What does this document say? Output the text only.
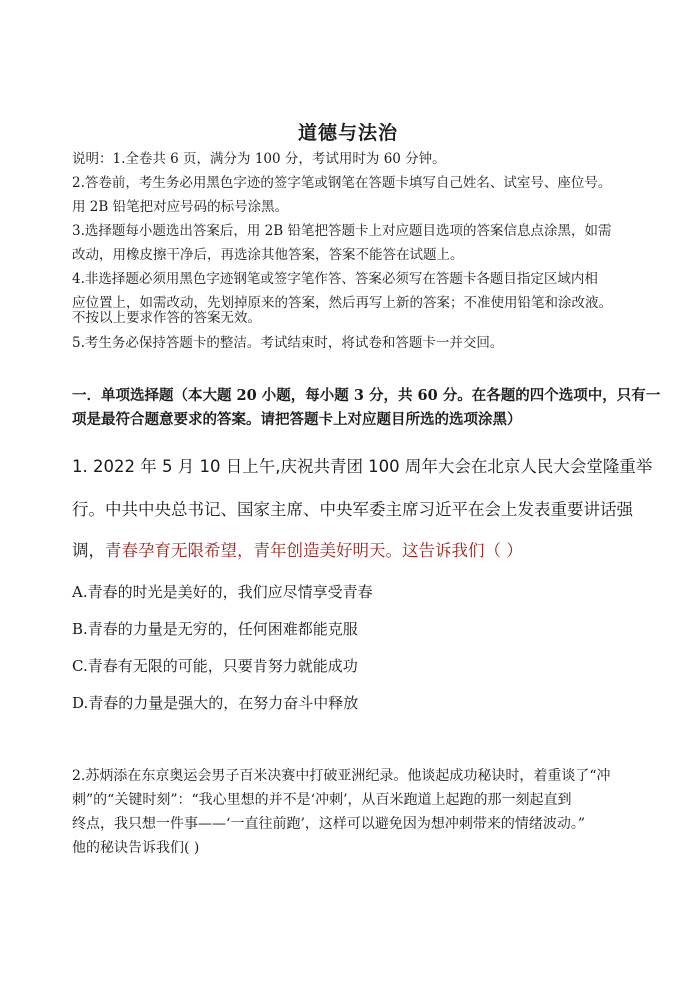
道德与法治
说明：1.全卷共 6 页，满分为 100 分，考试用时为 60 分钟。
2.答卷前，考生务必用黑色字迹的签字笔或钢笔在答题卡填写自己姓名、试室号、座位号。
用 2B 铅笔把对应号码的标号涂黑。
3.选择题每小题选出答案后，用 2B 铅笔把答题卡上对应题目选项的答案信息点涂黑，如需
改动，用橡皮擦干净后，再选涂其他答案，答案不能答在试题上。
4.非选择题必须用黑色字迹钢笔或签字笔作答、答案必须写在答题卡各题目指定区域内相
应位置上，如需改动，先划掉原来的答案，然后再写上新的答案；不准使用铅笔和涂改液。
不按以上要求作答的答案无效。
5.考生务必保持答题卡的整洁。考试结束时，将试卷和答题卡一并交回。
一．单项选择题（本大题 20 小题，每小题 3 分，共 60 分。在各题的四个选项中，只有一
项是最符合题意要求的答案。请把答题卡上对应题目所选的选项涂黑）
1. 2022 年 5 月 10 日上午,庆祝共青团 100 周年大会在北京人民大会堂隆重举
行。中共中央总书记、国家主席、中央军委主席习近平在会上发表重要讲话强
调，青春孕育无限希望，青年创造美好明天。这告诉我们（ ）
A.青春的时光是美好的，我们应尽情享受青春
B.青春的力量是无穷的，任何困难都能克服
C.青春有无限的可能，只要肯努力就能成功
D.青春的力量是强大的，在努力奋斗中释放
2.苏炳添在东京奥运会男子百米决赛中打破亚洲纪录。他谈起成功秘诀时，着重谈了“冲
刺”的“关键时刻”：“我心里想的并不是‘冲刺’，从百米跑道上起跑的那一刻起直到
终点，我只想一件事——‘一直往前跑’，这样可以避免因为想冲刺带来的情绪波动。”
他的秘诀告诉我们( )
